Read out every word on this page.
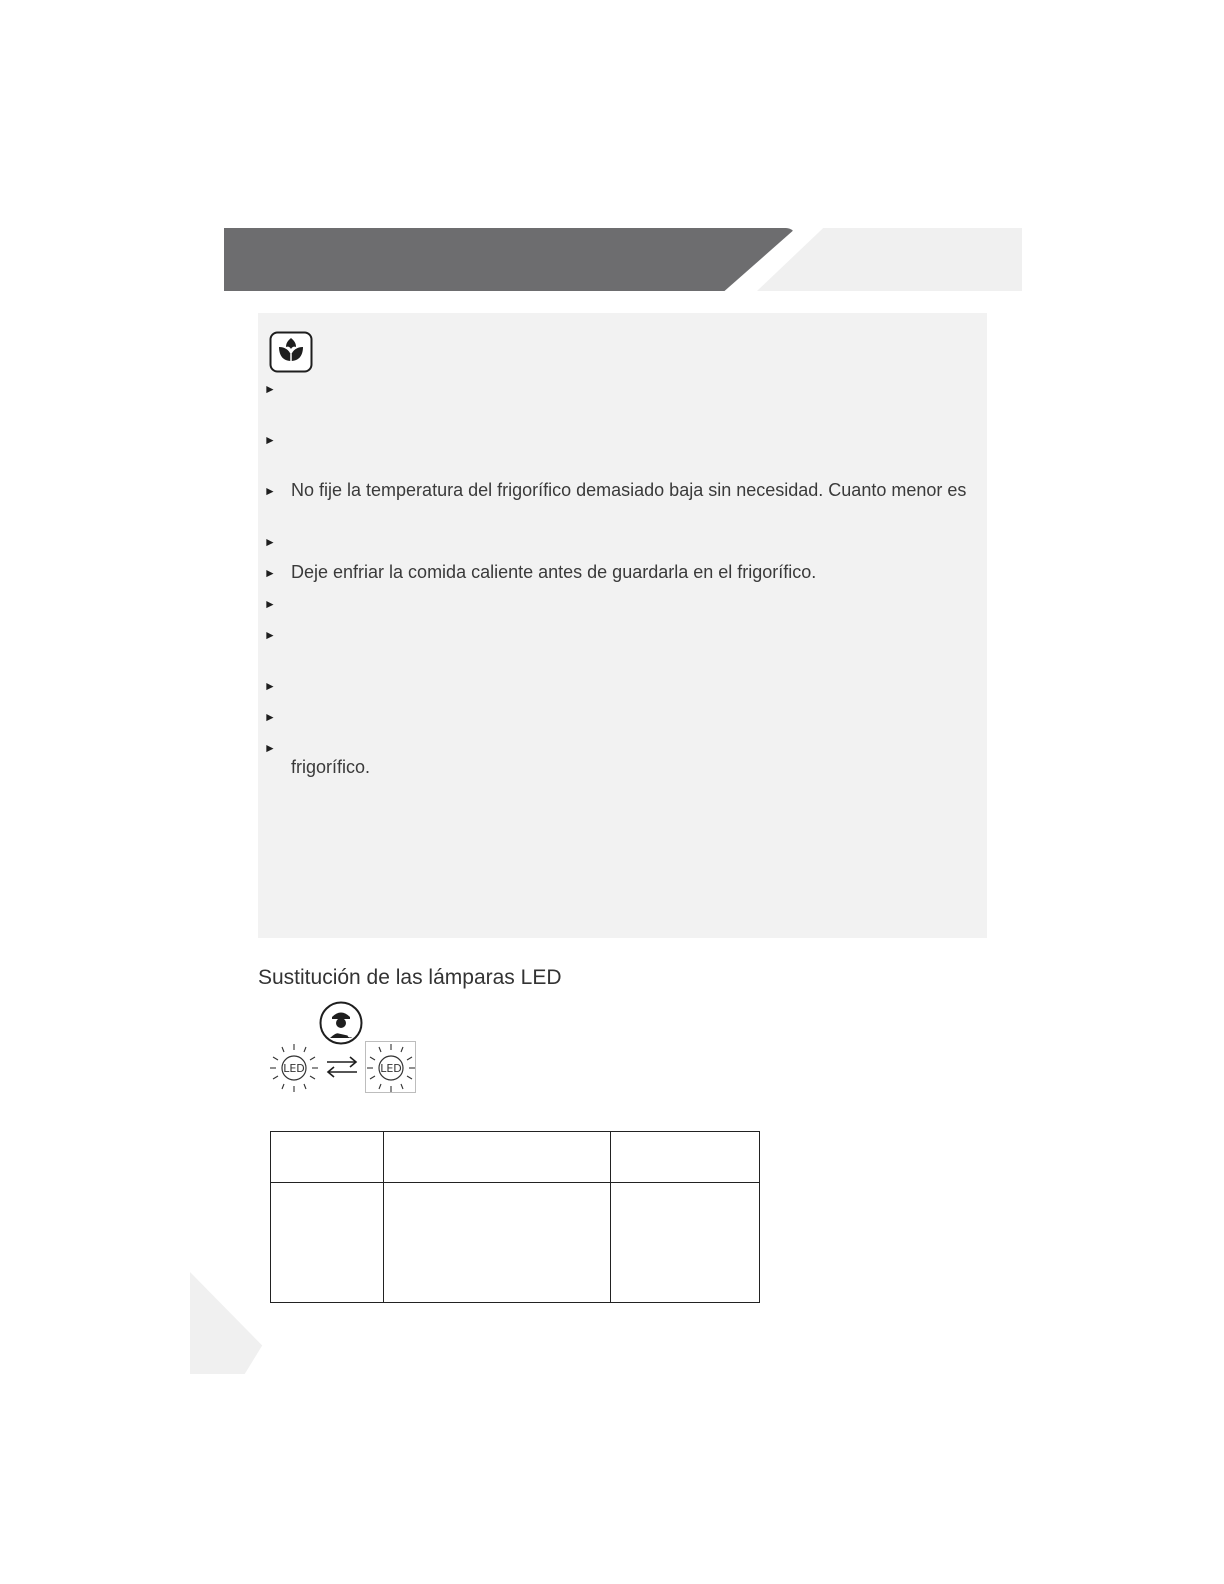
►
►
►
►
►
►
►
►
►
►
No fije la temperatura del frigorífico demasiado baja sin necesidad. Cuanto menor es
Deje enfriar la comida caliente antes de guardarla en el frigorífico.
frigorífico.
Sustitución de las lámparas LED
LED	LED
